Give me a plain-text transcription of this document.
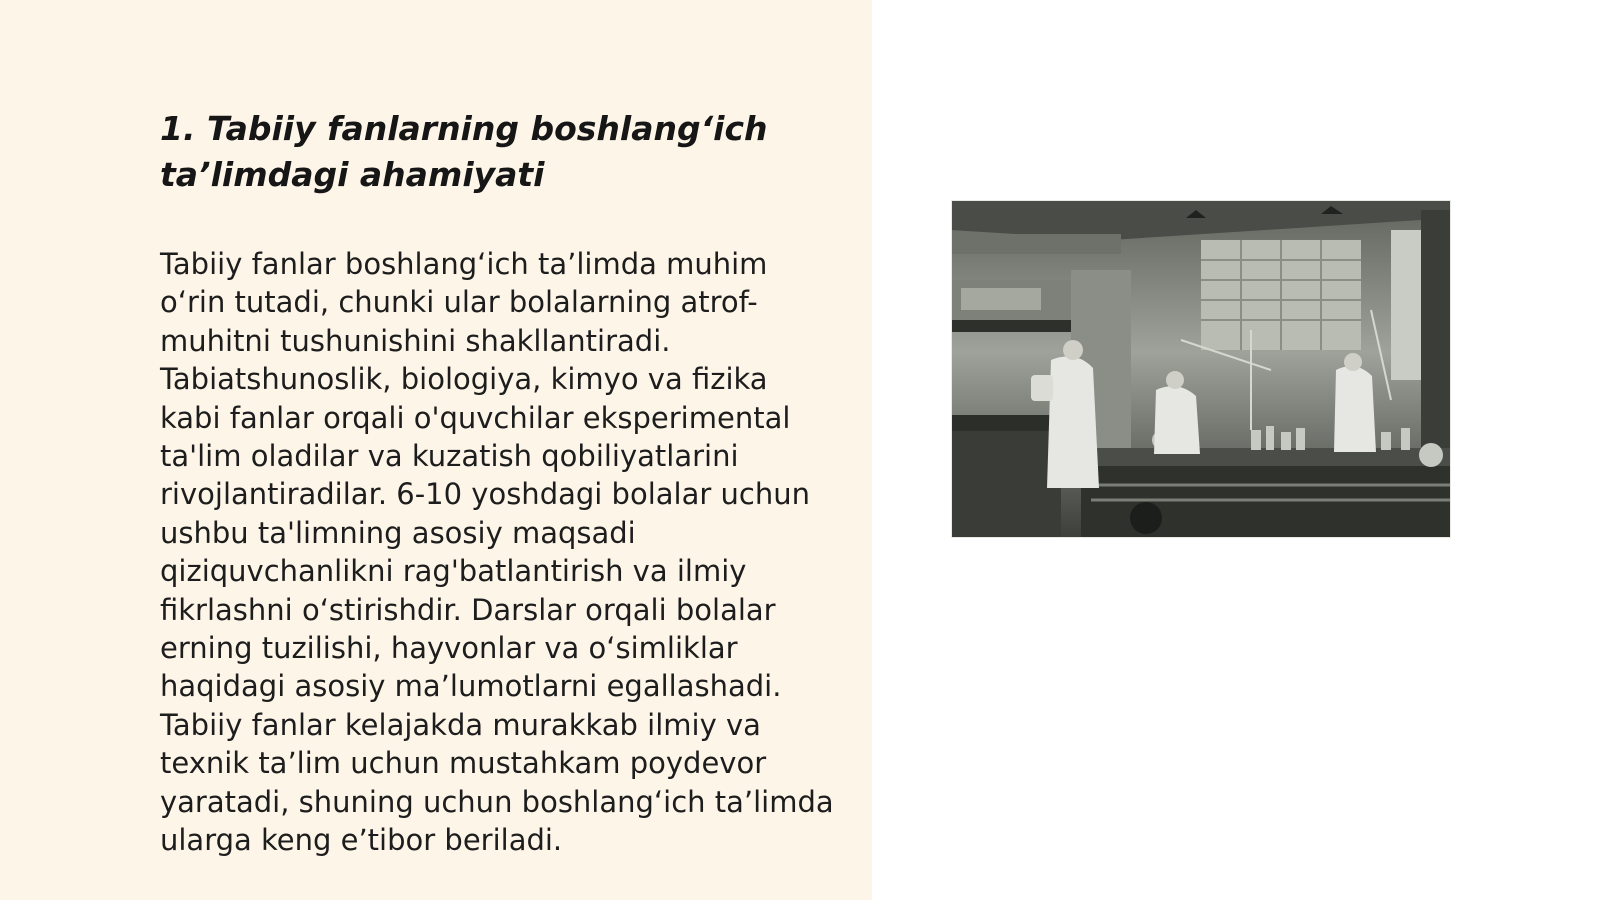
1. Tabiiy fanlarning boshlang‘ich ta’limdagi ahamiyati

Tabiiy fanlar boshlang‘ich ta’limda muhim o‘rin tutadi, chunki ular bolalarning atrof-muhitni tushunishini shakllantiradi. Tabiatshunoslik, biologiya, kimyo va fizika kabi fanlar orqali o'quvchilar eksperimental ta'lim oladilar va kuzatish qobiliyatlarini rivojlantiradilar. 6-10 yoshdagi bolalar uchun ushbu ta'limning asosiy maqsadi qiziquvchanlikni rag'batlantirish va ilmiy fikrlashni o‘stirishdir. Darslar orqali bolalar erning tuzilishi, hayvonlar va o‘simliklar haqidagi asosiy ma’lumotlarni egallashadi. Tabiiy fanlar kelajakda murakkab ilmiy va texnik ta’lim uchun mustahkam poydevor yaratadi, shuning uchun boshlang‘ich ta’limda ularga keng e’tibor beriladi.
